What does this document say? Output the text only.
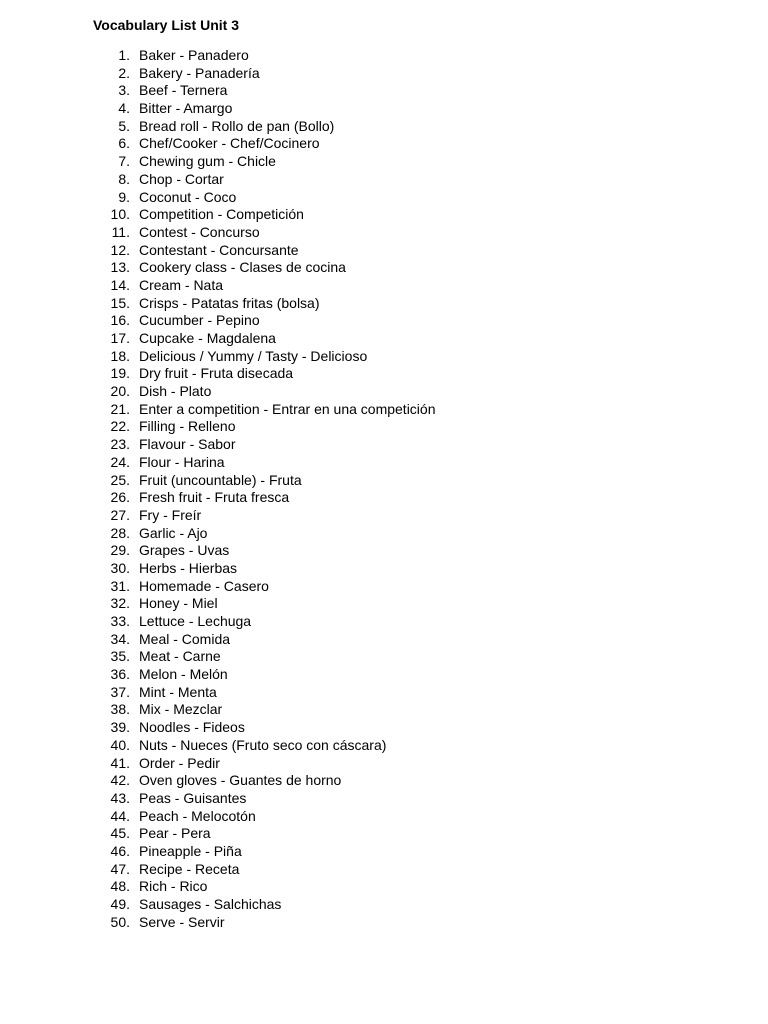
Vocabulary List Unit 3
1. Baker - Panadero
2. Bakery - Panadería
3. Beef - Ternera
4. Bitter - Amargo
5. Bread roll - Rollo de pan (Bollo)
6. Chef/Cooker - Chef/Cocinero
7. Chewing gum - Chicle
8. Chop - Cortar
9. Coconut - Coco
10. Competition - Competición
11. Contest - Concurso
12. Contestant - Concursante
13. Cookery class - Clases de cocina
14. Cream - Nata
15. Crisps - Patatas fritas (bolsa)
16. Cucumber - Pepino
17. Cupcake - Magdalena
18. Delicious / Yummy / Tasty - Delicioso
19. Dry fruit - Fruta disecada
20. Dish - Plato
21. Enter a competition - Entrar en una competición
22. Filling - Relleno
23. Flavour - Sabor
24. Flour - Harina
25. Fruit (uncountable) - Fruta
26. Fresh fruit - Fruta fresca
27. Fry - Freír
28. Garlic - Ajo
29. Grapes - Uvas
30. Herbs - Hierbas
31. Homemade - Casero
32. Honey - Miel
33. Lettuce - Lechuga
34. Meal - Comida
35. Meat - Carne
36. Melon - Melón
37. Mint - Menta
38. Mix - Mezclar
39. Noodles - Fideos
40. Nuts - Nueces (Fruto seco con cáscara)
41. Order - Pedir
42. Oven gloves - Guantes de horno
43. Peas - Guisantes
44. Peach - Melocotón
45. Pear - Pera
46. Pineapple - Piña
47. Recipe - Receta
48. Rich - Rico
49. Sausages - Salchichas
50. Serve - Servir
